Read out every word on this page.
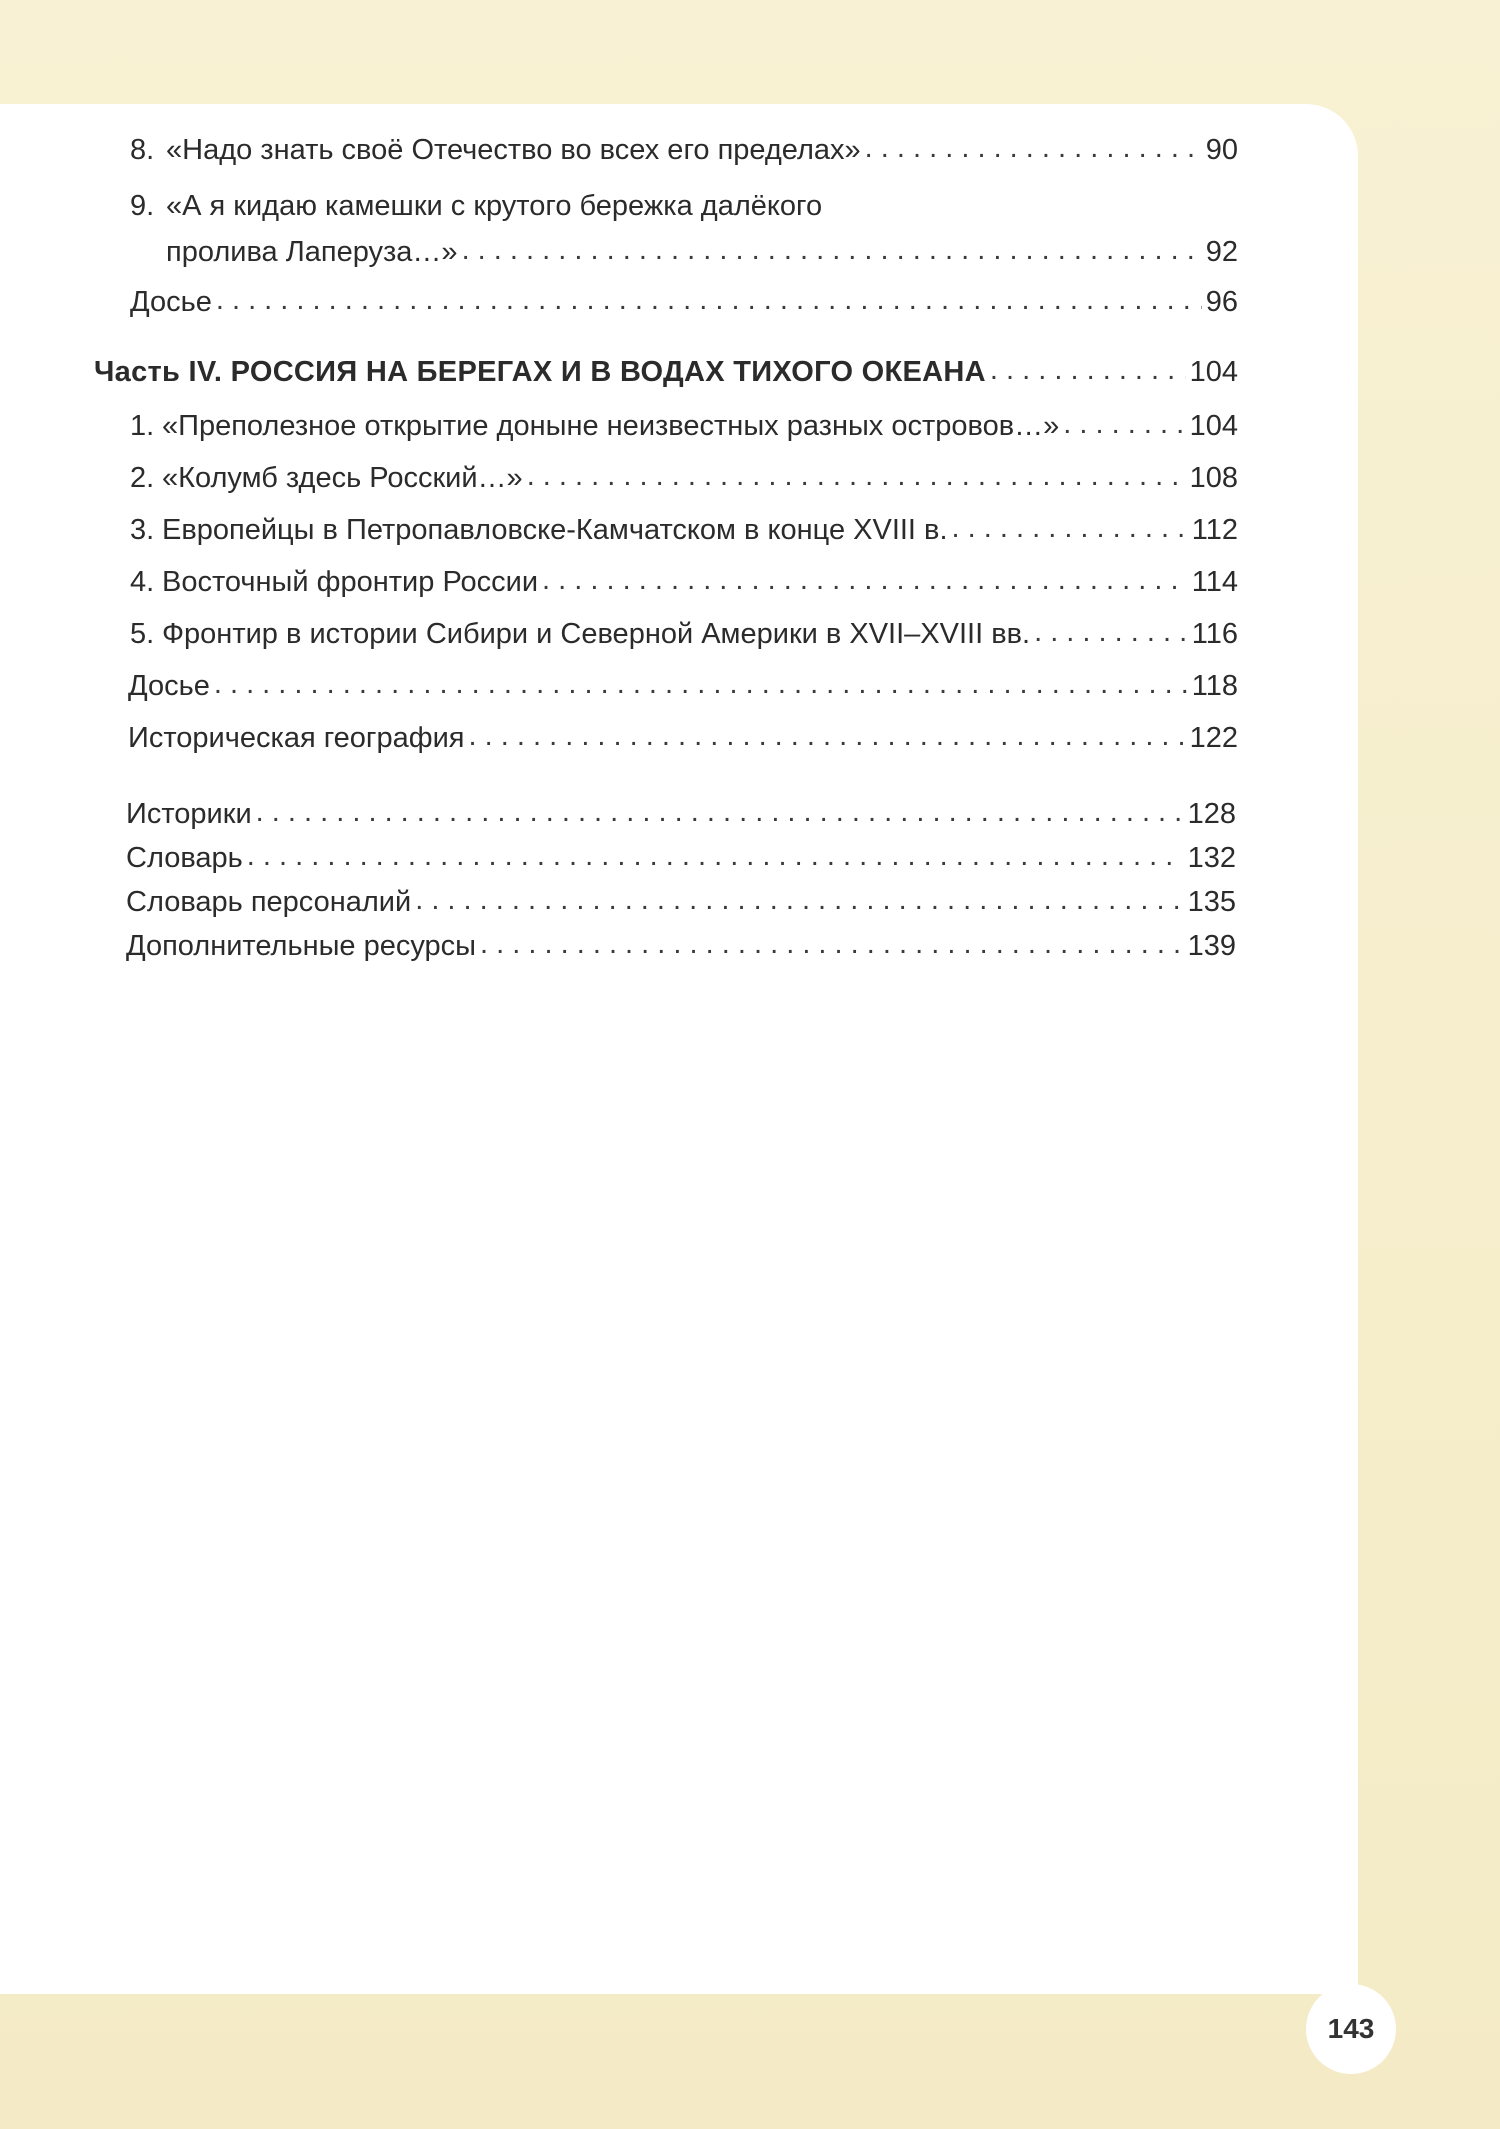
8. «Надо знать своё Отечество во всех его пределах» . . .	90
9. «А я кидаю камешки с крутого бережка далёкого
пролива Лаперуза…» . . .	92
Досье . . .	96
Часть IV. РОССИЯ НА БЕРЕГАХ И В ВОДАХ ТИХОГО ОКЕАНА . . .	104
1. «Преполезное открытие доныне неизвестных разных островов…» . . .	104
2. «Колумб здесь Росский…» . . .	108
3. Европейцы в Петропавловске-Камчатском в конце XVIII в. . . .	112
4. Восточный фронтир России . . .	114
5. Фронтир в истории Сибири и Северной Америки в XVII–XVIII вв. . . .	116
Досье . . .	118
Историческая география . . .	122
Историки . . .	128
Словарь . . .	132
Словарь персоналий . . .	135
Дополнительные ресурсы . . .	139
143
